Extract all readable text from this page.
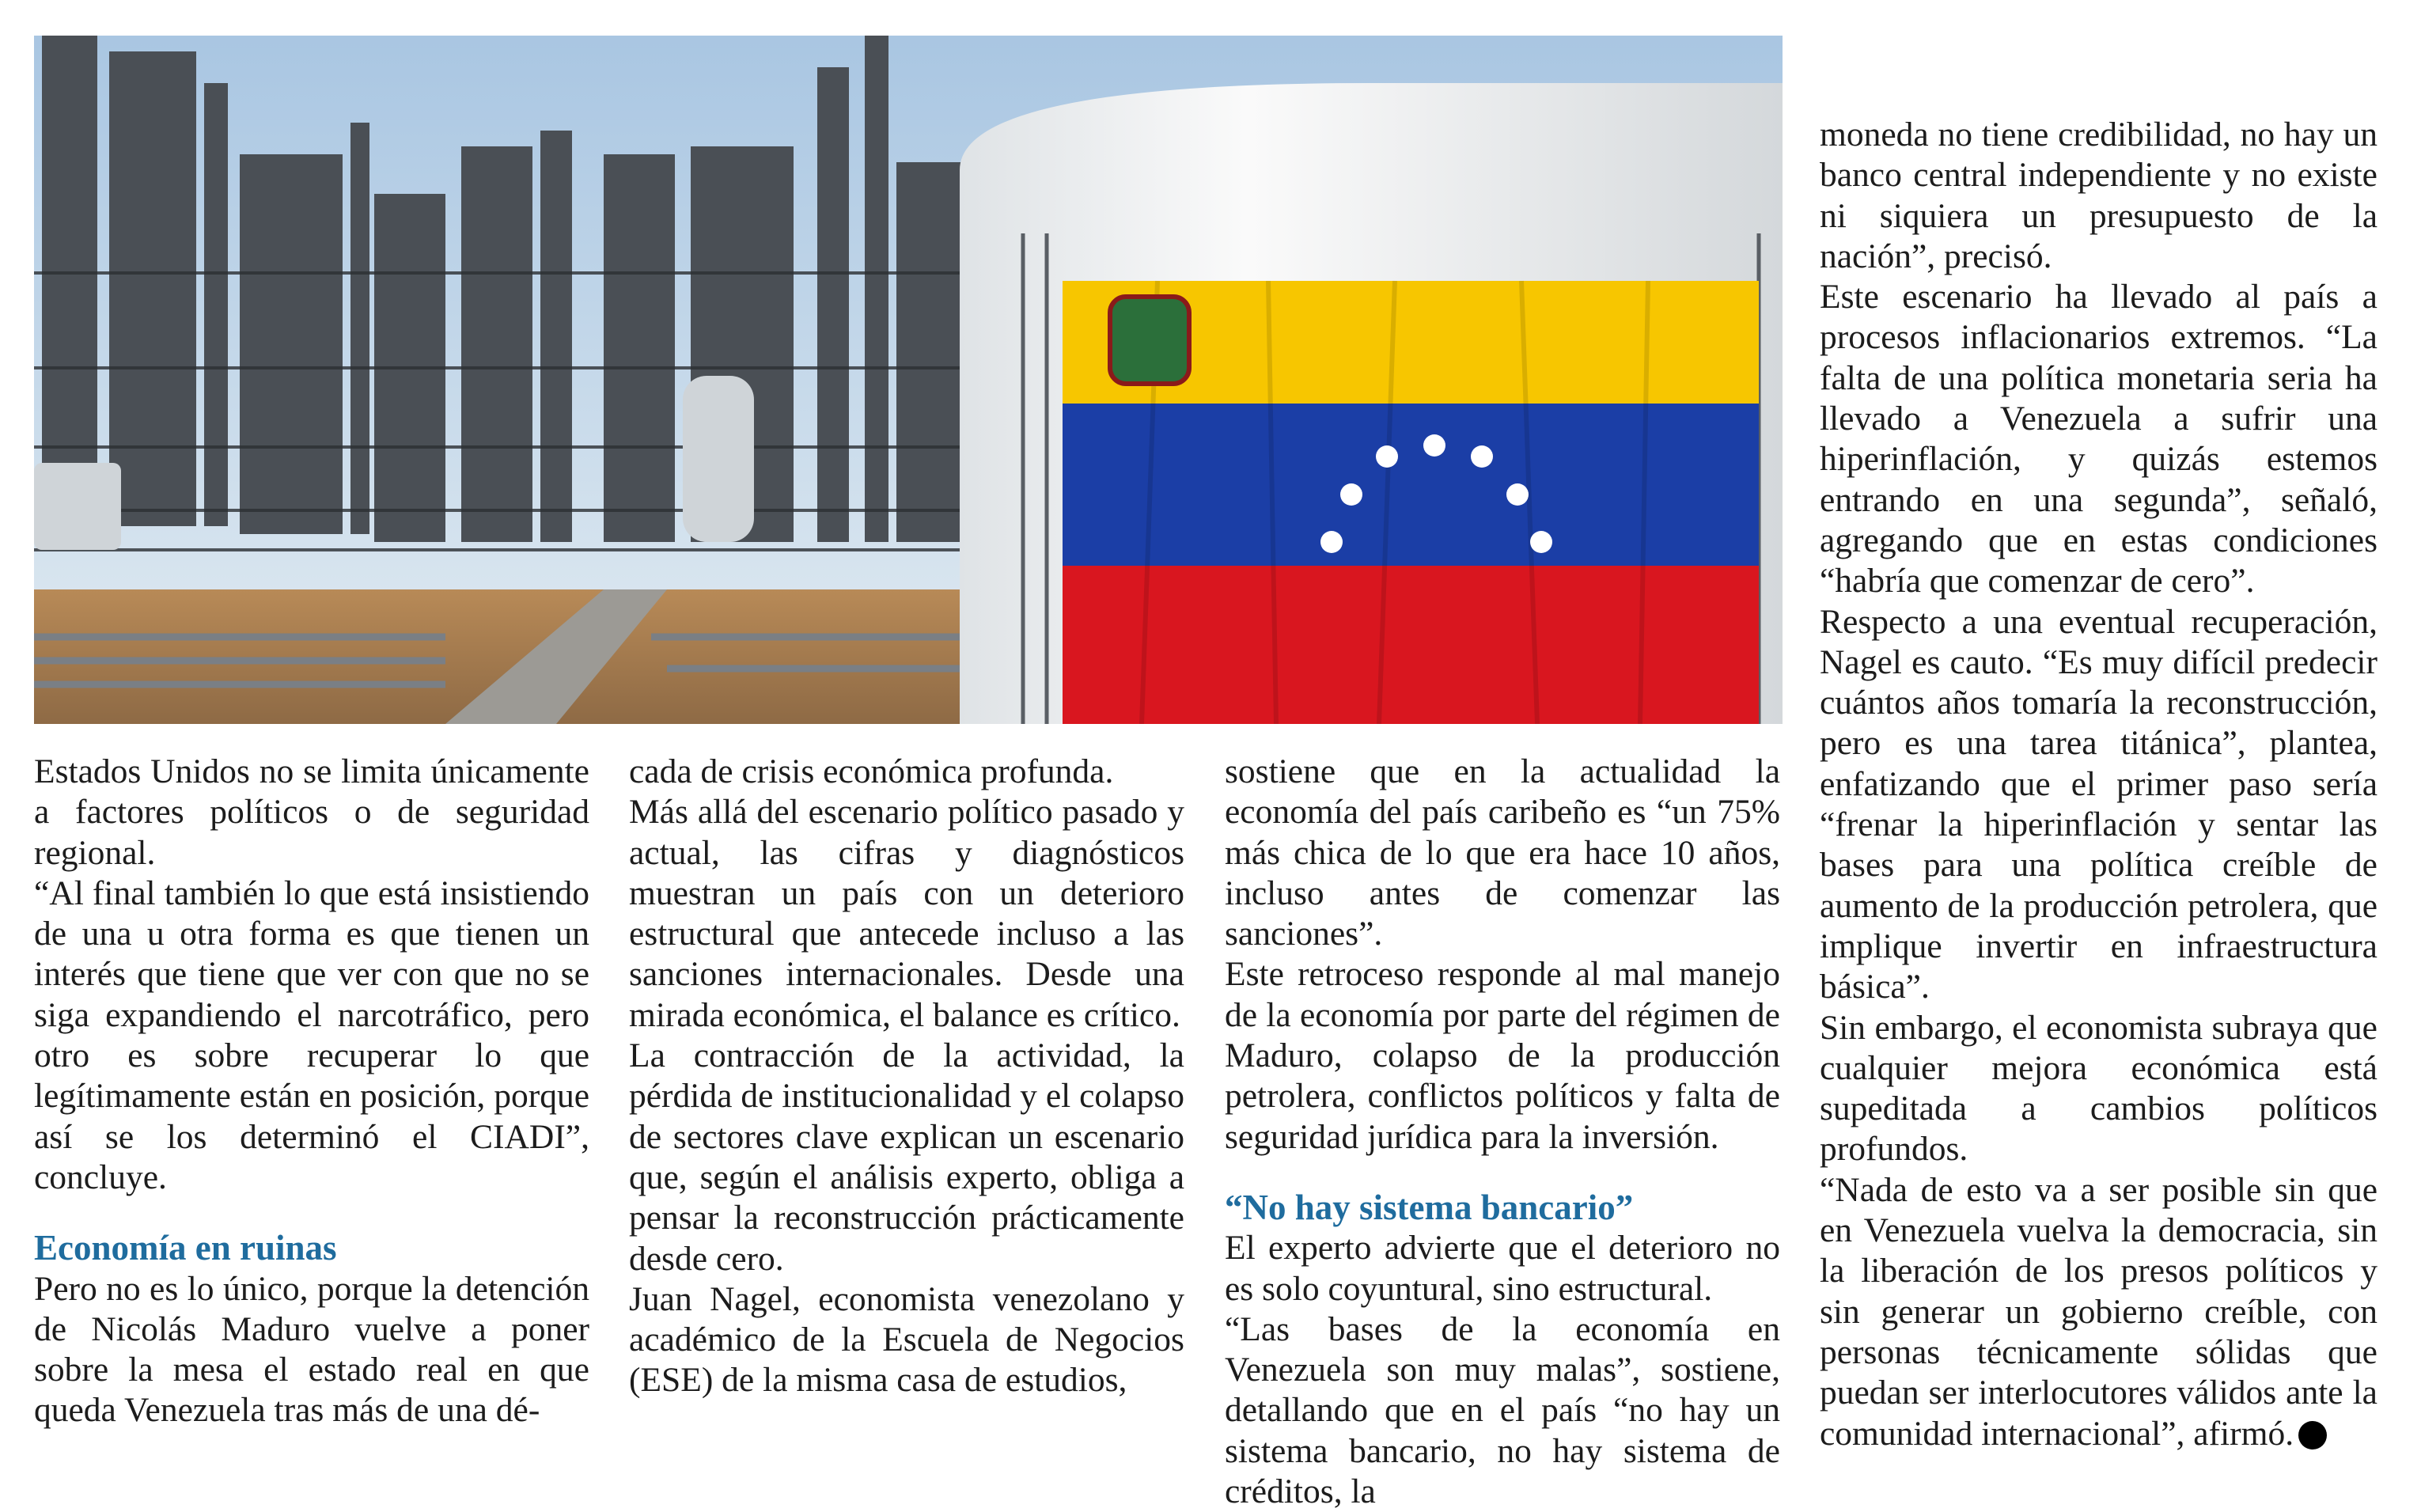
Estados Unidos no se limita únicamente a factores políticos o de seguridad regional.

“Al final también lo que está insistiendo de una u otra forma es que tienen un interés que tiene que ver con que no se siga expandiendo el narcotráfico, pero otro es sobre recuperar lo que legítimamente están en posición, porque así se los determinó el CIADI”, concluye.

Economía en ruinas

Pero no es lo único, porque la detención de Nicolás Maduro vuelve a poner sobre la mesa el estado real en que queda Venezuela tras más de una dé-

cada de crisis económica profunda.

Más allá del escenario político pasado y actual, las cifras y diagnósticos muestran un país con un deterioro estructural que antecede incluso a las sanciones internacionales. Desde una mirada económica, el balance es crítico.

La contracción de la actividad, la pérdida de institucionalidad y el colapso de sectores clave explican un escenario que, según el análisis experto, obliga a pensar la reconstrucción prácticamente desde cero.

Juan Nagel, economista venezolano y académico de la Escuela de Negocios (ESE) de la misma casa de estudios,

sostiene que en la actualidad la economía del país caribeño es “un 75% más chica de lo que era hace 10 años, incluso antes de comenzar las sanciones”.

Este retroceso responde al mal manejo de la economía por parte del régimen de Maduro, colapso de la producción petrolera, conflictos políticos y falta de seguridad jurídica para la inversión.

“No hay sistema bancario”

El experto advierte que el deterioro no es solo coyuntural, sino estructural.

“Las bases de la economía en Venezuela son muy malas”, sostiene, detallando que en el país “no hay un sistema bancario, no hay sistema de créditos, la

moneda no tiene credibilidad, no hay un banco central independiente y no existe ni siquiera un presupuesto de la nación”, precisó.

Este escenario ha llevado al país a procesos inflacionarios extremos. “La falta de una política monetaria seria ha llevado a Venezuela a sufrir una hiperinflación, y quizás estemos entrando en una segunda”, señaló, agregando que en estas condiciones “habría que comenzar de cero”.

Respecto a una eventual recuperación, Nagel es cauto. “Es muy difícil predecir cuántos años tomaría la reconstrucción, pero es una tarea titánica”, plantea, enfatizando que el primer paso sería “frenar la hiperinflación y sentar las bases para una política creíble de aumento de la producción petrolera, que implique invertir en infraestructura básica”.

Sin embargo, el economista subraya que cualquier mejora económica está supeditada a cambios políticos profundos.

“Nada de esto va a ser posible sin que en Venezuela vuelva la democracia, sin la liberación de los presos políticos y sin generar un gobierno creíble, con personas técnicamente sólidas que puedan ser interlocutores válidos ante la comunidad internacional”, afirmó.
